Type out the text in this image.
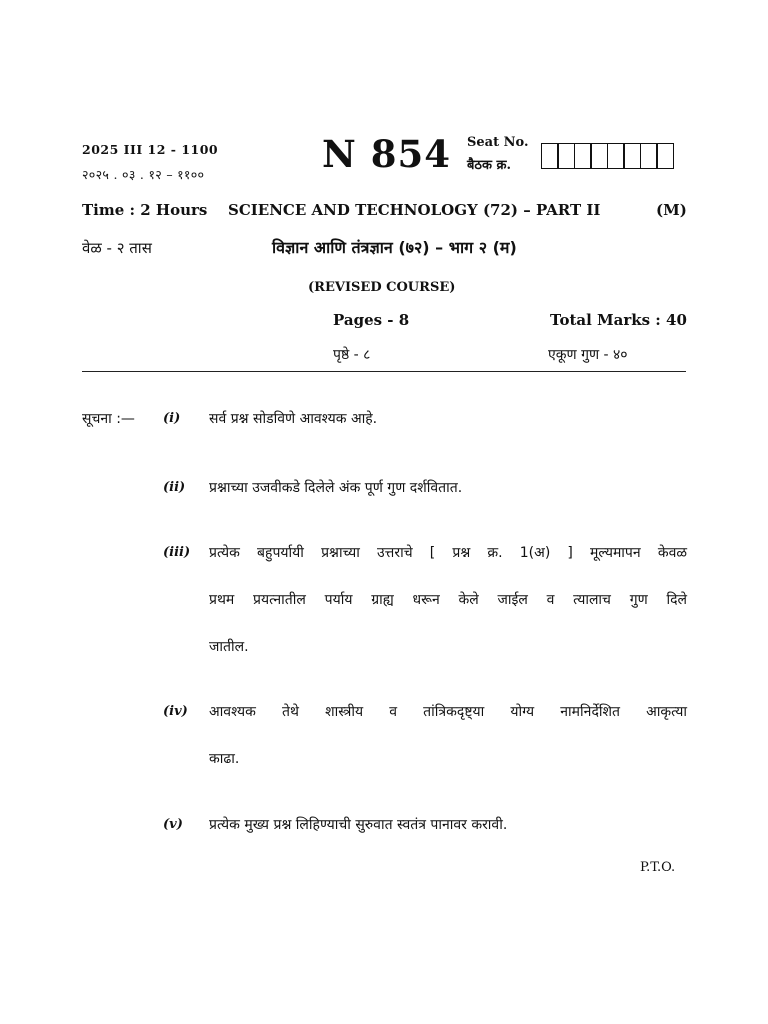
2025 III 12 - 1100
२०२५ . ०३ . १२ – ११००	N 854 Seat No.
बैठक क्र.
Time : 2 Hours SCIENCE AND TECHNOLOGY (72) – PART II	(M)
वेळ - २ तास	विज्ञान आणि तंत्रज्ञान (७२) – भाग २ (म)
(REVISED COURSE)
Pages - 8	Total Marks : 40
पृष्ठे - ८	एकूण गुण - ४०
सूचना :— (i) सर्व प्रश्न सोडविणे आवश्यक आहे.
(ii) प्रश्नाच्या उजवीकडे दिलेले अंक पूर्ण गुण दर्शवितात.
(iii) प्रत्येक बहुपर्यायी प्रश्नाच्या उत्तराचे [ प्रश्न क्र. 1(अ) ] मूल्यमापन केवळ
प्रथम प्रयत्नातील पर्याय ग्राह्य धरून केले जाईल व त्यालाच गुण दिले
जातील.
(iv) आवश्यक तेथे शास्त्रीय व तांत्रिकदृष्ट्या योग्य नामनिर्देशित आकृत्या
काढा.
(v) प्रत्येक मुख्य प्रश्न लिहिण्याची सुरुवात स्वतंत्र पानावर करावी.
P.T.O.
